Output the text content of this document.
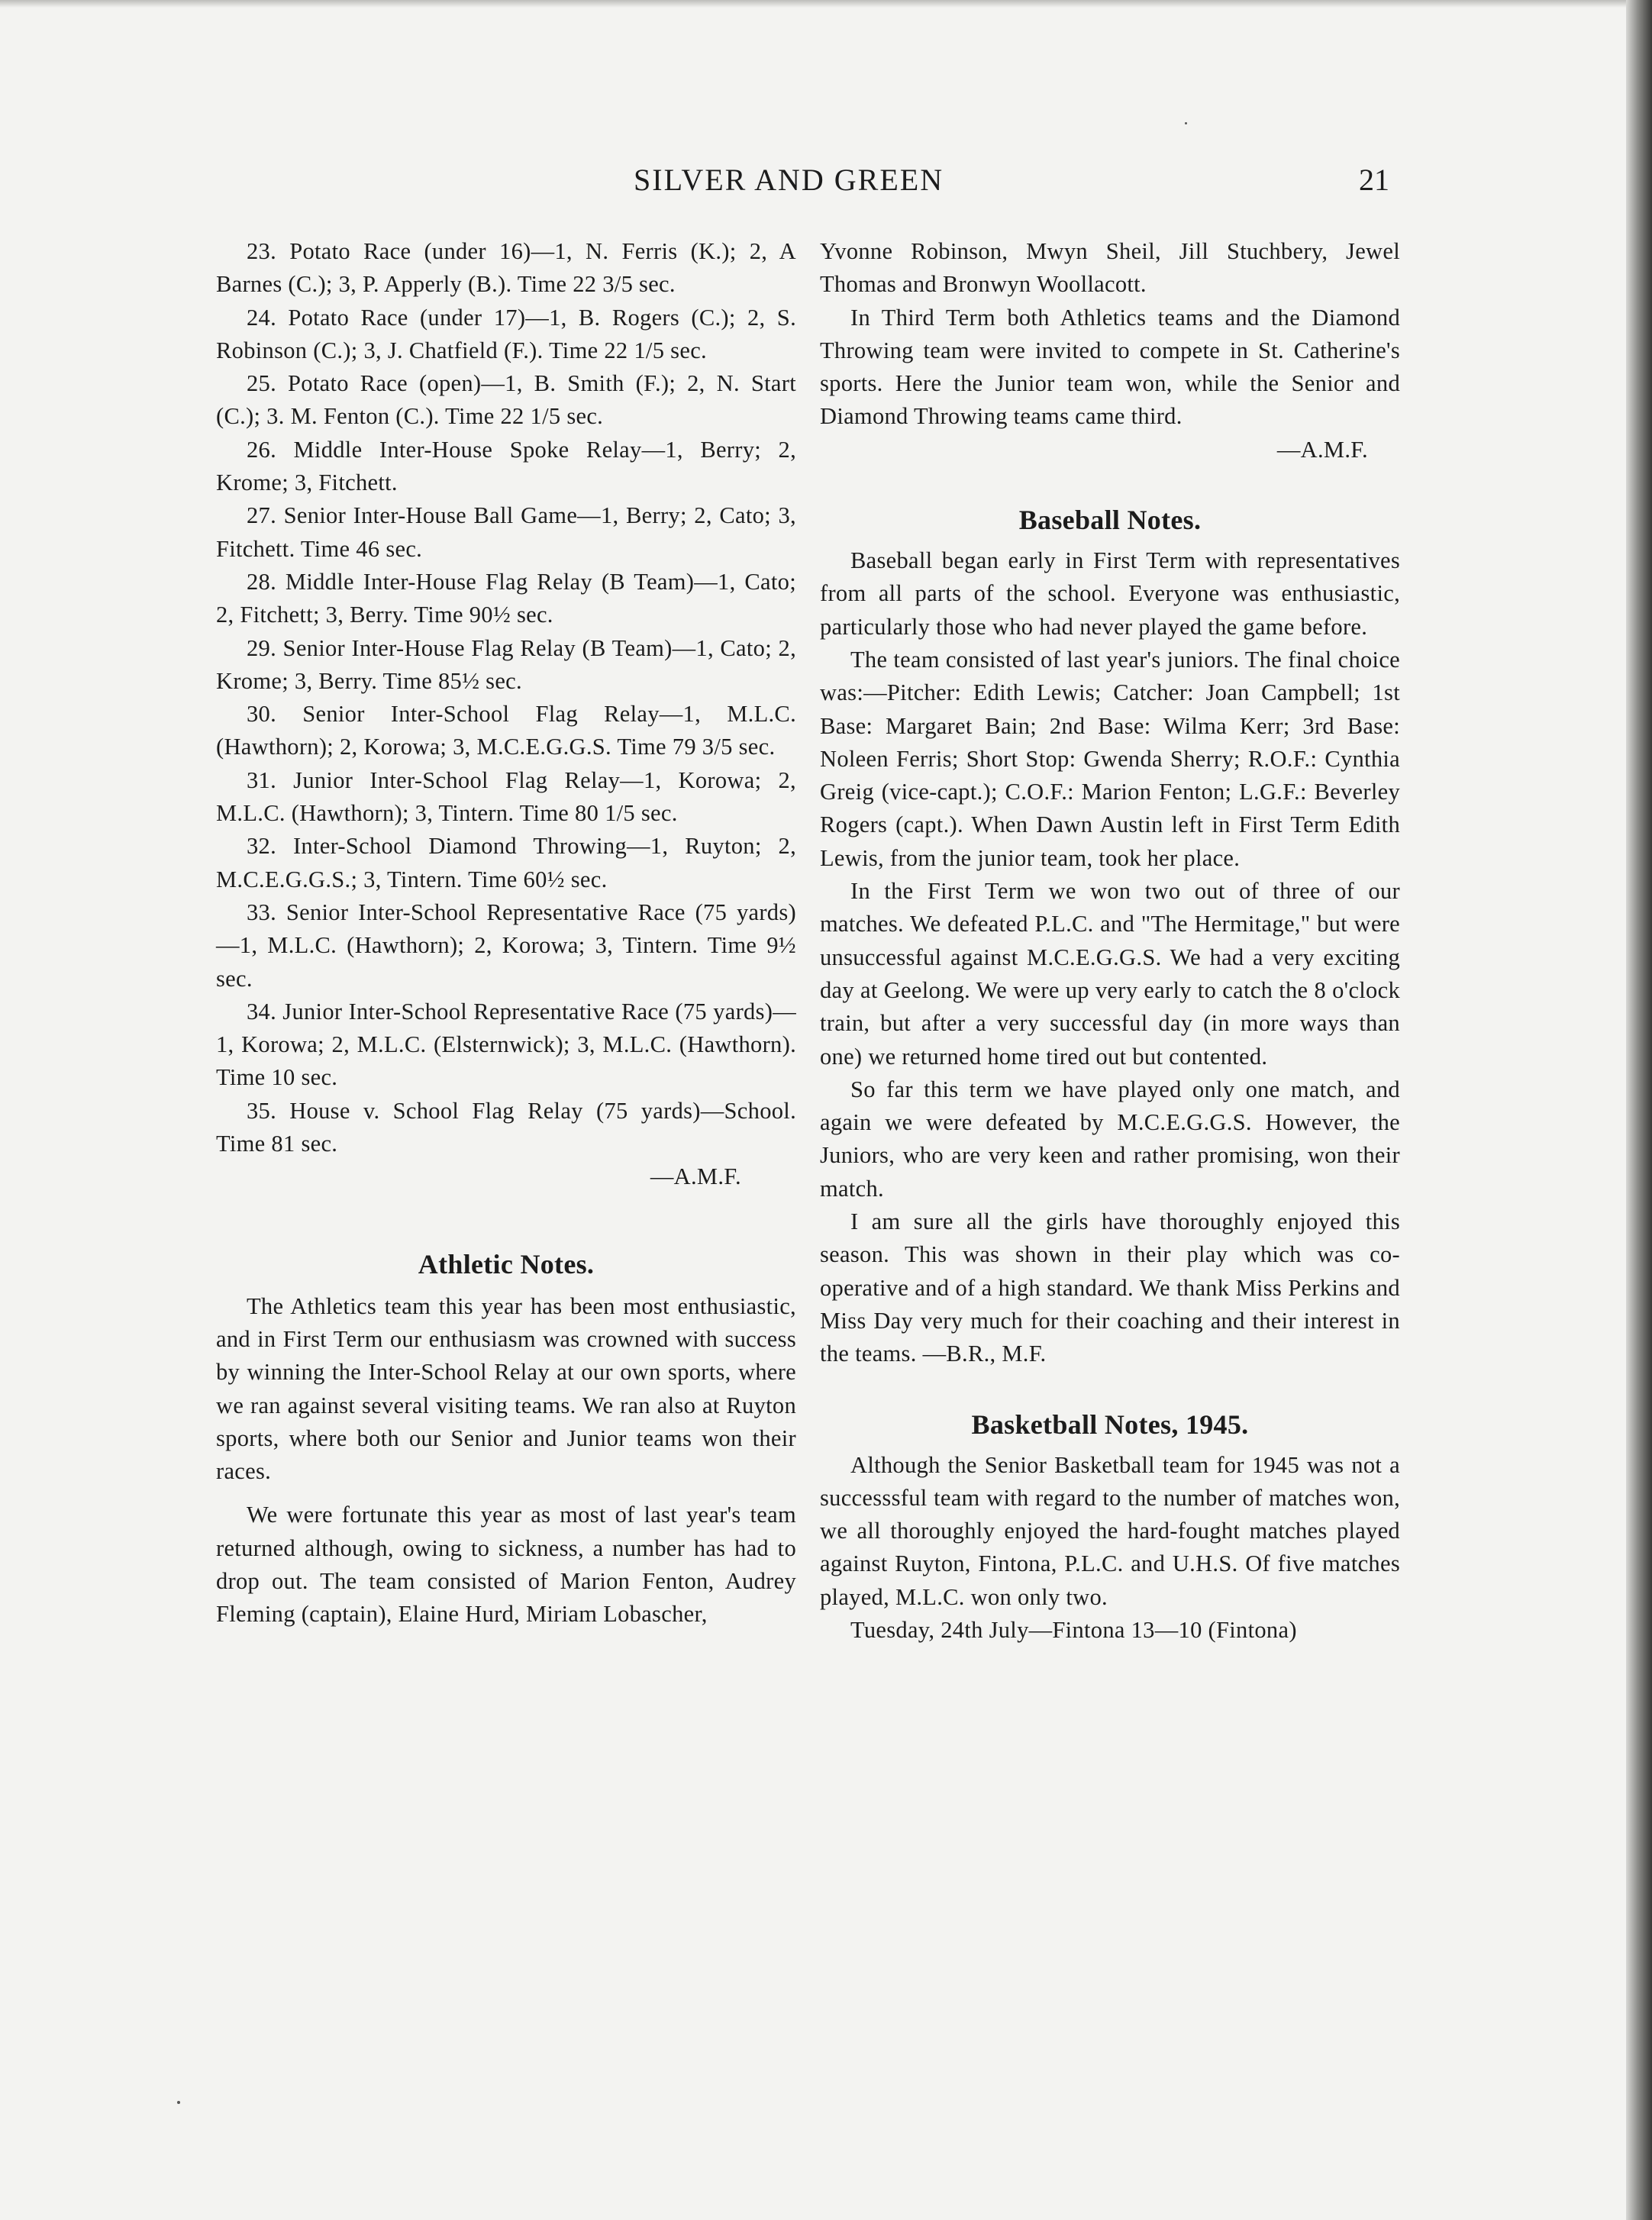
SILVER AND GREEN	21

23. Potato Race (under 16)—1, N. Ferris (K.); 2, A Barnes (C.); 3, P. Apperly (B.). Time 22 3/5 sec.

24. Potato Race (under 17)—1, B. Rogers (C.); 2, S. Robinson (C.); 3, J. Chatfield (F.). Time 22 1/5 sec.

25. Potato Race (open)—1, B. Smith (F.); 2, N. Start (C.); 3. M. Fenton (C.). Time 22 1/5 sec.

26. Middle Inter-House Spoke Relay—1, Berry; 2, Krome; 3, Fitchett.

27. Senior Inter-House Ball Game—1, Berry; 2, Cato; 3, Fitchett. Time 46 sec.

28. Middle Inter-House Flag Relay (B Team)—1, Cato; 2, Fitchett; 3, Berry. Time 90½ sec.

29. Senior Inter-House Flag Relay (B Team)—1, Cato; 2, Krome; 3, Berry. Time 85½ sec.

30. Senior Inter-School Flag Relay—1, M.L.C. (Hawthorn); 2, Korowa; 3, M.C.E.G.G.S. Time 79 3/5 sec.

31. Junior Inter-School Flag Relay—1, Korowa; 2, M.L.C. (Hawthorn); 3, Tintern. Time 80 1/5 sec.

32. Inter-School Diamond Throwing—1, Ruyton; 2, M.C.E.G.G.S.; 3, Tintern. Time 60½ sec.

33. Senior Inter-School Representative Race (75 yards)—1, M.L.C. (Hawthorn); 2, Korowa; 3, Tintern. Time 9½ sec.

34. Junior Inter-School Representative Race (75 yards)—1, Korowa; 2, M.L.C. (Elsternwick); 3, M.L.C. (Hawthorn). Time 10 sec.

35. House v. School Flag Relay (75 yards)—School. Time 81 sec.

—A.M.F.

Athletic Notes.

The Athletics team this year has been most enthusiastic, and in First Term our enthusiasm was crowned with success by winning the Inter-School Relay at our own sports, where we ran against several visiting teams. We ran also at Ruyton sports, where both our Senior and Junior teams won their races.

We were fortunate this year as most of last year's team returned although, owing to sickness, a number has had to drop out. The team consisted of Marion Fenton, Audrey Fleming (captain), Elaine Hurd, Miriam Lobascher,

Yvonne Robinson, Mwyn Sheil, Jill Stuchbery, Jewel Thomas and Bronwyn Woollacott.

In Third Term both Athletics teams and the Diamond Throwing team were invited to compete in St. Catherine's sports. Here the Junior team won, while the Senior and Diamond Throwing teams came third.

—A.M.F.

Baseball Notes.

Baseball began early in First Term with representatives from all parts of the school. Everyone was enthusiastic, particularly those who had never played the game before.

The team consisted of last year's juniors. The final choice was:—Pitcher: Edith Lewis; Catcher: Joan Campbell; 1st Base: Margaret Bain; 2nd Base: Wilma Kerr; 3rd Base: Noleen Ferris; Short Stop: Gwenda Sherry; R.O.F.: Cynthia Greig (vice-capt.); C.O.F.: Marion Fenton; L.G.F.: Beverley Rogers (capt.). When Dawn Austin left in First Term Edith Lewis, from the junior team, took her place.

In the First Term we won two out of three of our matches. We defeated P.L.C. and "The Hermitage," but were unsuccessful against M.C.E.G.G.S. We had a very exciting day at Geelong. We were up very early to catch the 8 o'clock train, but after a very successful day (in more ways than one) we returned home tired out but contented.

So far this term we have played only one match, and again we were defeated by M.C.E.G.G.S. However, the Juniors, who are very keen and rather promising, won their match.

I am sure all the girls have thoroughly enjoyed this season. This was shown in their play which was co-operative and of a high standard. We thank Miss Perkins and Miss Day very much for their coaching and their interest in the teams. —B.R., M.F.

Basketball Notes, 1945.

Although the Senior Basketball team for 1945 was not a successsful team with regard to the number of matches won, we all thoroughly enjoyed the hard-fought matches played against Ruyton, Fintona, P.L.C. and U.H.S. Of five matches played, M.L.C. won only two.

Tuesday, 24th July—Fintona 13—10 (Fintona)
